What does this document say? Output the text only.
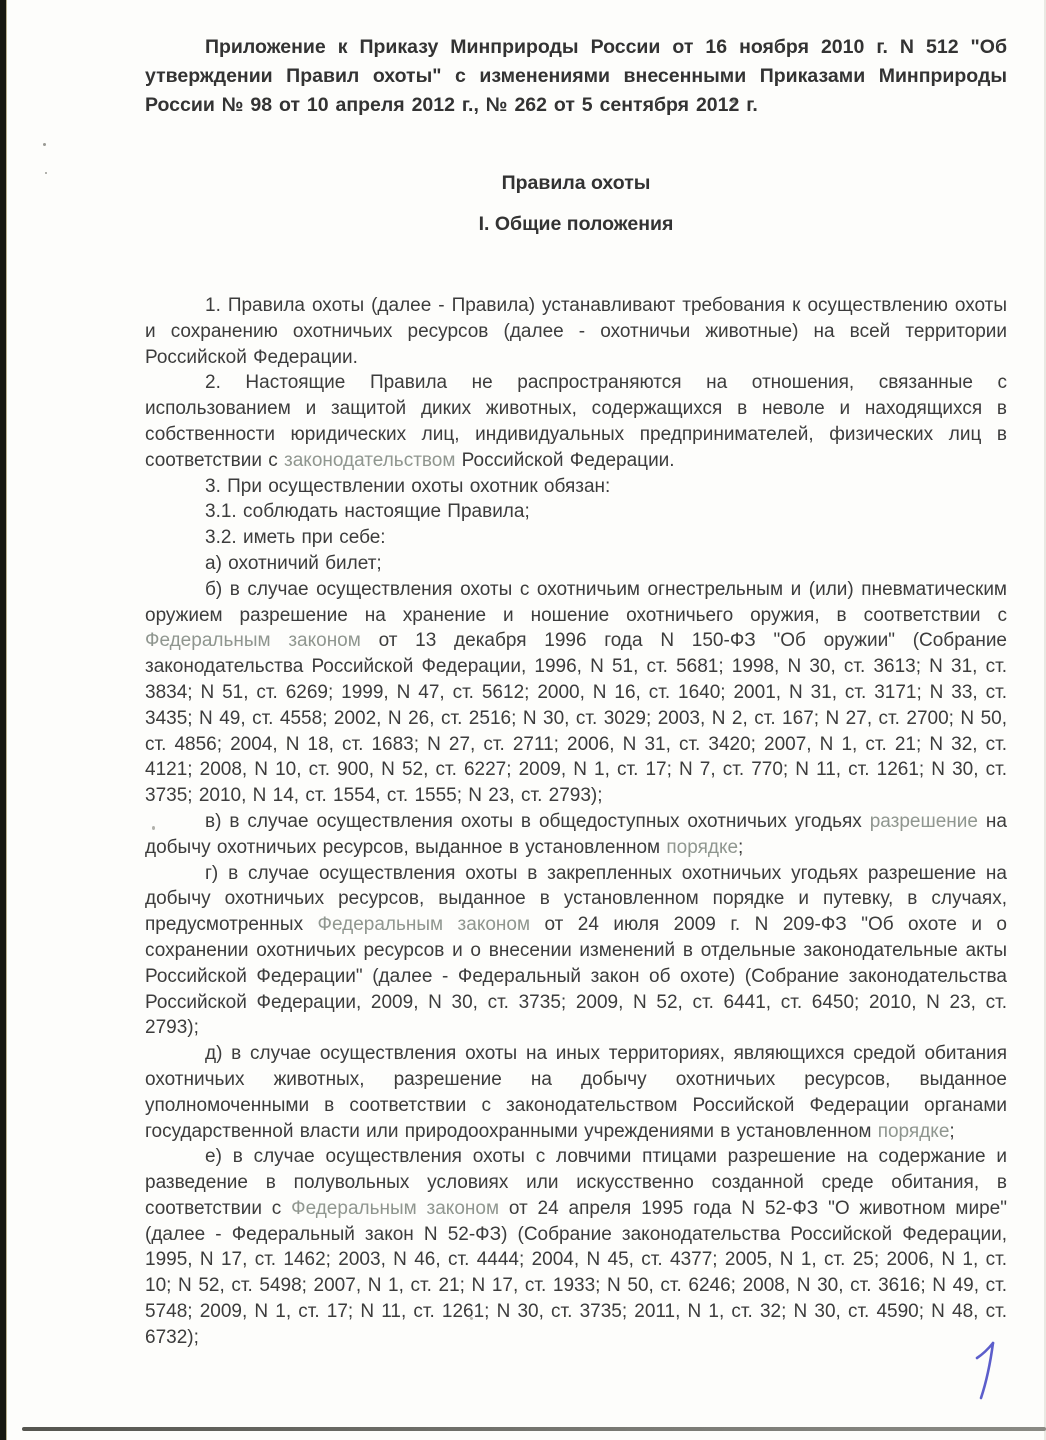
Приложение к Приказу Минприроды России от 16 ноября 2010 г. N 512 "Об утверждении Правил охоты" с изменениями внесенными Приказами Минприроды России № 98 от 10 апреля 2012 г., № 262 от 5 сентября 2012 г.

Правила охоты
I. Общие положения

1. Правила охоты (далее - Правила) устанавливают требования к осуществлению охоты и сохранению охотничьих ресурсов (далее - охотничьи животные) на всей территории Российской Федерации.

2. Настоящие Правила не распространяются на отношения, связанные с использованием и защитой диких животных, содержащихся в неволе и находящихся в собственности юридических лиц, индивидуальных предпринимателей, физических лиц в соответствии с законодательством Российской Федерации.

3. При осуществлении охоты охотник обязан:

3.1. соблюдать настоящие Правила;

3.2. иметь при себе:

а) охотничий билет;

б) в случае осуществления охоты с охотничьим огнестрельным и (или) пневматическим оружием разрешение на хранение и ношение охотничьего оружия, в соответствии с Федеральным законом от 13 декабря 1996 года N 150-ФЗ "Об оружии" (Собрание законодательства Российской Федерации, 1996, N 51, ст. 5681; 1998, N 30, ст. 3613; N 31, ст. 3834; N 51, ст. 6269; 1999, N 47, ст. 5612; 2000, N 16, ст. 1640; 2001, N 31, ст. 3171; N 33, ст. 3435; N 49, ст. 4558; 2002, N 26, ст. 2516; N 30, ст. 3029; 2003, N 2, ст. 167; N 27, ст. 2700; N 50, ст. 4856; 2004, N 18, ст. 1683; N 27, ст. 2711; 2006, N 31, ст. 3420; 2007, N 1, ст. 21; N 32, ст. 4121; 2008, N 10, ст. 900, N 52, ст. 6227; 2009, N 1, ст. 17; N 7, ст. 770; N 11, ст. 1261; N 30, ст. 3735; 2010, N 14, ст. 1554, ст. 1555; N 23, ст. 2793);

в) в случае осуществления охоты в общедоступных охотничьих угодьях разрешение на добычу охотничьих ресурсов, выданное в установленном порядке;

г) в случае осуществления охоты в закрепленных охотничьих угодьях разрешение на добычу охотничьих ресурсов, выданное в установленном порядке и путевку, в случаях, предусмотренных Федеральным законом от 24 июля 2009 г. N 209-ФЗ "Об охоте и о сохранении охотничьих ресурсов и о внесении изменений в отдельные законодательные акты Российской Федерации" (далее - Федеральный закон об охоте) (Собрание законодательства Российской Федерации, 2009, N 30, ст. 3735; 2009, N 52, ст. 6441, ст. 6450; 2010, N 23, ст. 2793);

д) в случае осуществления охоты на иных территориях, являющихся средой обитания охотничьих животных, разрешение на добычу охотничьих ресурсов, выданное уполномоченными в соответствии с законодательством Российской Федерации органами государственной власти или природоохранными учреждениями в установленном порядке;

е) в случае осуществления охоты с ловчими птицами разрешение на содержание и разведение в полувольных условиях или искусственно созданной среде обитания, в соответствии с Федеральным законом от 24 апреля 1995 года N 52-ФЗ "О животном мире" (далее - Федеральный закон N 52-ФЗ) (Собрание законодательства Российской Федерации, 1995, N 17, ст. 1462; 2003, N 46, ст. 4444; 2004, N 45, ст. 4377; 2005, N 1, ст. 25; 2006, N 1, ст. 10; N 52, ст. 5498; 2007, N 1, ст. 21; N 17, ст. 1933; N 50, ст. 6246; 2008, N 30, ст. 3616; N 49, ст. 5748; 2009, N 1, ст. 17; N 11, ст. 1261; N 30, ст. 3735; 2011, N 1, ст. 32; N 30, ст. 4590; N 48, ст. 6732);
